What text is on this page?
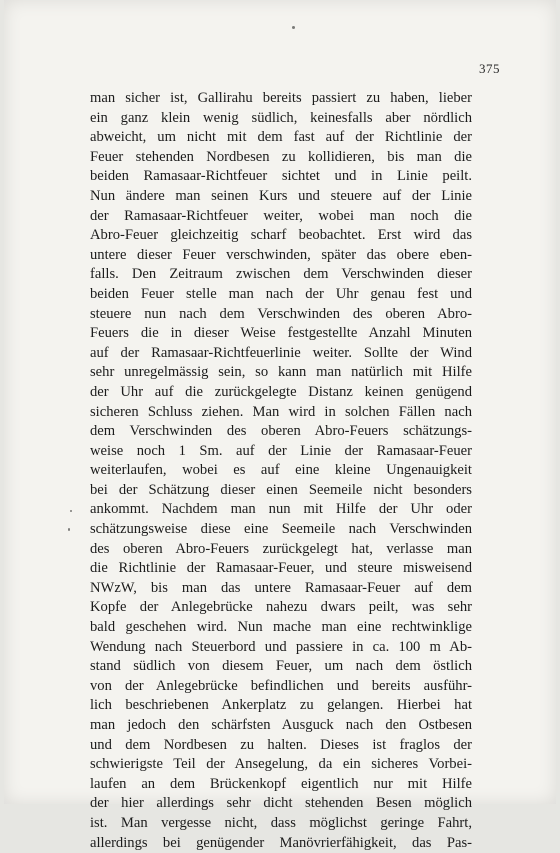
375
man sicher ist, Gallirahu bereits passiert zu haben, lieber
ein ganz klein wenig südlich, keinesfalls aber nördlich
abweicht, um nicht mit dem fast auf der Richtlinie der
Feuer stehenden Nordbesen zu kollidieren, bis man die
beiden Ramasaar-Richtfeuer sichtet und in Linie peilt.
Nun ändere man seinen Kurs und steuere auf der Linie
der Ramasaar-Richtfeuer weiter, wobei man noch die
Abro-Feuer gleichzeitig scharf beobachtet. Erst wird das
untere dieser Feuer verschwinden, später das obere eben-
falls. Den Zeitraum zwischen dem Verschwinden dieser
beiden Feuer stelle man nach der Uhr genau fest und
steuere nun nach dem Verschwinden des oberen Abro-
Feuers die in dieser Weise festgestellte Anzahl Minuten
auf der Ramasaar-Richtfeuerlinie weiter. Sollte der Wind
sehr unregelmässig sein, so kann man natürlich mit Hilfe
der Uhr auf die zurückgelegte Distanz keinen genügend
sicheren Schluss ziehen. Man wird in solchen Fällen nach
dem Verschwinden des oberen Abro-Feuers schätzungs-
weise noch 1 Sm. auf der Linie der Ramasaar-Feuer
weiterlaufen, wobei es auf eine kleine Ungenauigkeit
bei der Schätzung dieser einen Seemeile nicht besonders
ankommt. Nachdem man nun mit Hilfe der Uhr oder
schätzungsweise diese eine Seemeile nach Verschwinden
des oberen Abro-Feuers zurückgelegt hat, verlasse man
die Richtlinie der Ramasaar-Feuer, und steure misweisend
NWzW, bis man das untere Ramasaar-Feuer auf dem
Kopfe der Anlegebrücke nahezu dwars peilt, was sehr
bald geschehen wird. Nun mache man eine rechtwinklige
Wendung nach Steuerbord und passiere in ca. 100 m Ab-
stand südlich von diesem Feuer, um nach dem östlich
von der Anlegebrücke befindlichen und bereits ausführ-
lich beschriebenen Ankerplatz zu gelangen. Hierbei hat
man jedoch den schärfsten Ausguck nach den Ostbesen
und dem Nordbesen zu halten. Dieses ist fraglos der
schwierigste Teil der Ansegelung, da ein sicheres Vorbei-
laufen an dem Brückenkopf eigentlich nur mit Hilfe
der hier allerdings sehr dicht stehenden Besen möglich
ist. Man vergesse nicht, dass möglichst geringe Fahrt,
allerdings bei genügender Manövrierfähigkeit, das Pas-
